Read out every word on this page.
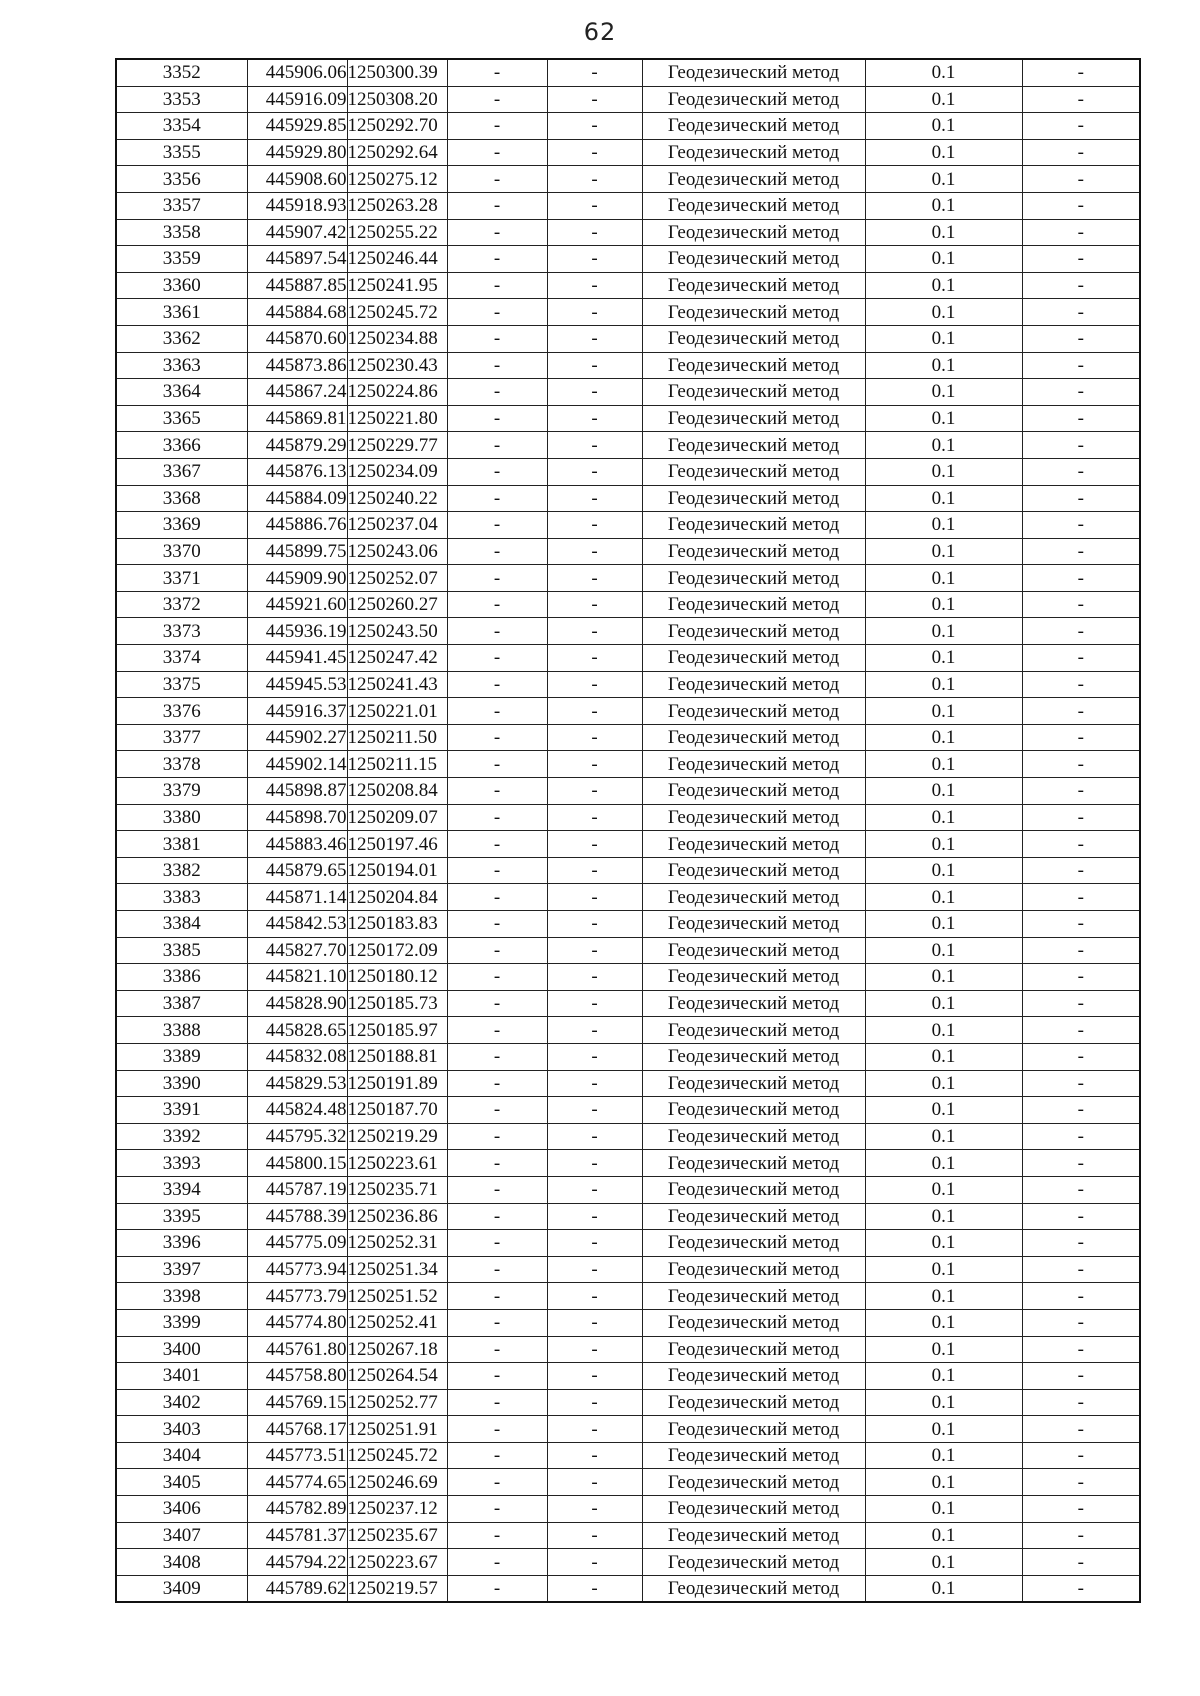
62
3352	445906.06	1250300.39	-	-	Геодезический метод	0.1	-
3353	445916.09	1250308.20	-	-	Геодезический метод	0.1	-
3354	445929.85	1250292.70	-	-	Геодезический метод	0.1	-
3355	445929.80	1250292.64	-	-	Геодезический метод	0.1	-
3356	445908.60	1250275.12	-	-	Геодезический метод	0.1	-
3357	445918.93	1250263.28	-	-	Геодезический метод	0.1	-
3358	445907.42	1250255.22	-	-	Геодезический метод	0.1	-
3359	445897.54	1250246.44	-	-	Геодезический метод	0.1	-
3360	445887.85	1250241.95	-	-	Геодезический метод	0.1	-
3361	445884.68	1250245.72	-	-	Геодезический метод	0.1	-
3362	445870.60	1250234.88	-	-	Геодезический метод	0.1	-
3363	445873.86	1250230.43	-	-	Геодезический метод	0.1	-
3364	445867.24	1250224.86	-	-	Геодезический метод	0.1	-
3365	445869.81	1250221.80	-	-	Геодезический метод	0.1	-
3366	445879.29	1250229.77	-	-	Геодезический метод	0.1	-
3367	445876.13	1250234.09	-	-	Геодезический метод	0.1	-
3368	445884.09	1250240.22	-	-	Геодезический метод	0.1	-
3369	445886.76	1250237.04	-	-	Геодезический метод	0.1	-
3370	445899.75	1250243.06	-	-	Геодезический метод	0.1	-
3371	445909.90	1250252.07	-	-	Геодезический метод	0.1	-
3372	445921.60	1250260.27	-	-	Геодезический метод	0.1	-
3373	445936.19	1250243.50	-	-	Геодезический метод	0.1	-
3374	445941.45	1250247.42	-	-	Геодезический метод	0.1	-
3375	445945.53	1250241.43	-	-	Геодезический метод	0.1	-
3376	445916.37	1250221.01	-	-	Геодезический метод	0.1	-
3377	445902.27	1250211.50	-	-	Геодезический метод	0.1	-
3378	445902.14	1250211.15	-	-	Геодезический метод	0.1	-
3379	445898.87	1250208.84	-	-	Геодезический метод	0.1	-
3380	445898.70	1250209.07	-	-	Геодезический метод	0.1	-
3381	445883.46	1250197.46	-	-	Геодезический метод	0.1	-
3382	445879.65	1250194.01	-	-	Геодезический метод	0.1	-
3383	445871.14	1250204.84	-	-	Геодезический метод	0.1	-
3384	445842.53	1250183.83	-	-	Геодезический метод	0.1	-
3385	445827.70	1250172.09	-	-	Геодезический метод	0.1	-
3386	445821.10	1250180.12	-	-	Геодезический метод	0.1	-
3387	445828.90	1250185.73	-	-	Геодезический метод	0.1	-
3388	445828.65	1250185.97	-	-	Геодезический метод	0.1	-
3389	445832.08	1250188.81	-	-	Геодезический метод	0.1	-
3390	445829.53	1250191.89	-	-	Геодезический метод	0.1	-
3391	445824.48	1250187.70	-	-	Геодезический метод	0.1	-
3392	445795.32	1250219.29	-	-	Геодезический метод	0.1	-
3393	445800.15	1250223.61	-	-	Геодезический метод	0.1	-
3394	445787.19	1250235.71	-	-	Геодезический метод	0.1	-
3395	445788.39	1250236.86	-	-	Геодезический метод	0.1	-
3396	445775.09	1250252.31	-	-	Геодезический метод	0.1	-
3397	445773.94	1250251.34	-	-	Геодезический метод	0.1	-
3398	445773.79	1250251.52	-	-	Геодезический метод	0.1	-
3399	445774.80	1250252.41	-	-	Геодезический метод	0.1	-
3400	445761.80	1250267.18	-	-	Геодезический метод	0.1	-
3401	445758.80	1250264.54	-	-	Геодезический метод	0.1	-
3402	445769.15	1250252.77	-	-	Геодезический метод	0.1	-
3403	445768.17	1250251.91	-	-	Геодезический метод	0.1	-
3404	445773.51	1250245.72	-	-	Геодезический метод	0.1	-
3405	445774.65	1250246.69	-	-	Геодезический метод	0.1	-
3406	445782.89	1250237.12	-	-	Геодезический метод	0.1	-
3407	445781.37	1250235.67	-	-	Геодезический метод	0.1	-
3408	445794.22	1250223.67	-	-	Геодезический метод	0.1	-
3409	445789.62	1250219.57	-	-	Геодезический метод	0.1	-
